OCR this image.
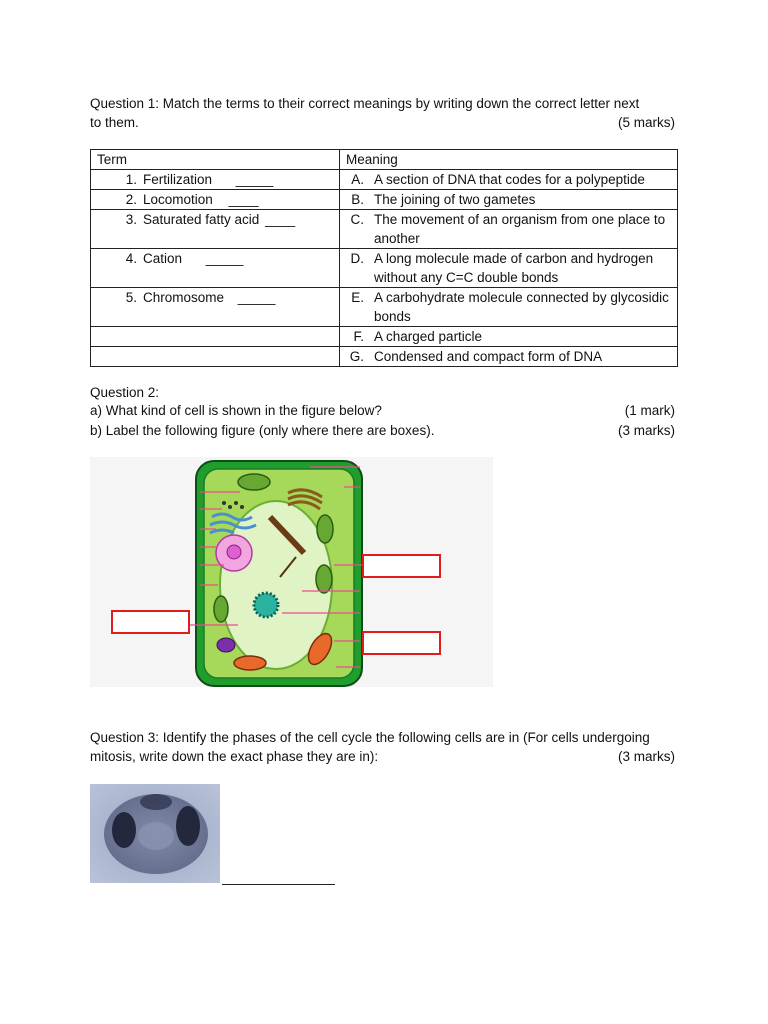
Question 1: Match the terms to their correct meanings by writing down the correct letter next
to them.	(5 marks)
Term	Meaning
1. Fertilization _____	A. A section of DNA that codes for a polypeptide

2. Locomotion ____	B. The joining of two gametes

3. Saturated fatty acid ____	C. The movement of an organism from one place to another

4. Cation _____	D. A long molecule made of carbon and hydrogen without any C=C double bonds

5. Chromosome _____	E. A carbohydrate molecule connected by glycosidic bonds

	F. A charged particle

	G. Condensed and compact form of DNA
Question 2:
a) What kind of cell is shown in the figure below?	(1 mark)
b) Label the following figure (only where there are boxes).	(3 marks)
Question 3: Identify the phases of the cell cycle the following cells are in (For cells undergoing
mitosis, write down the exact phase they are in):	(3 marks)
